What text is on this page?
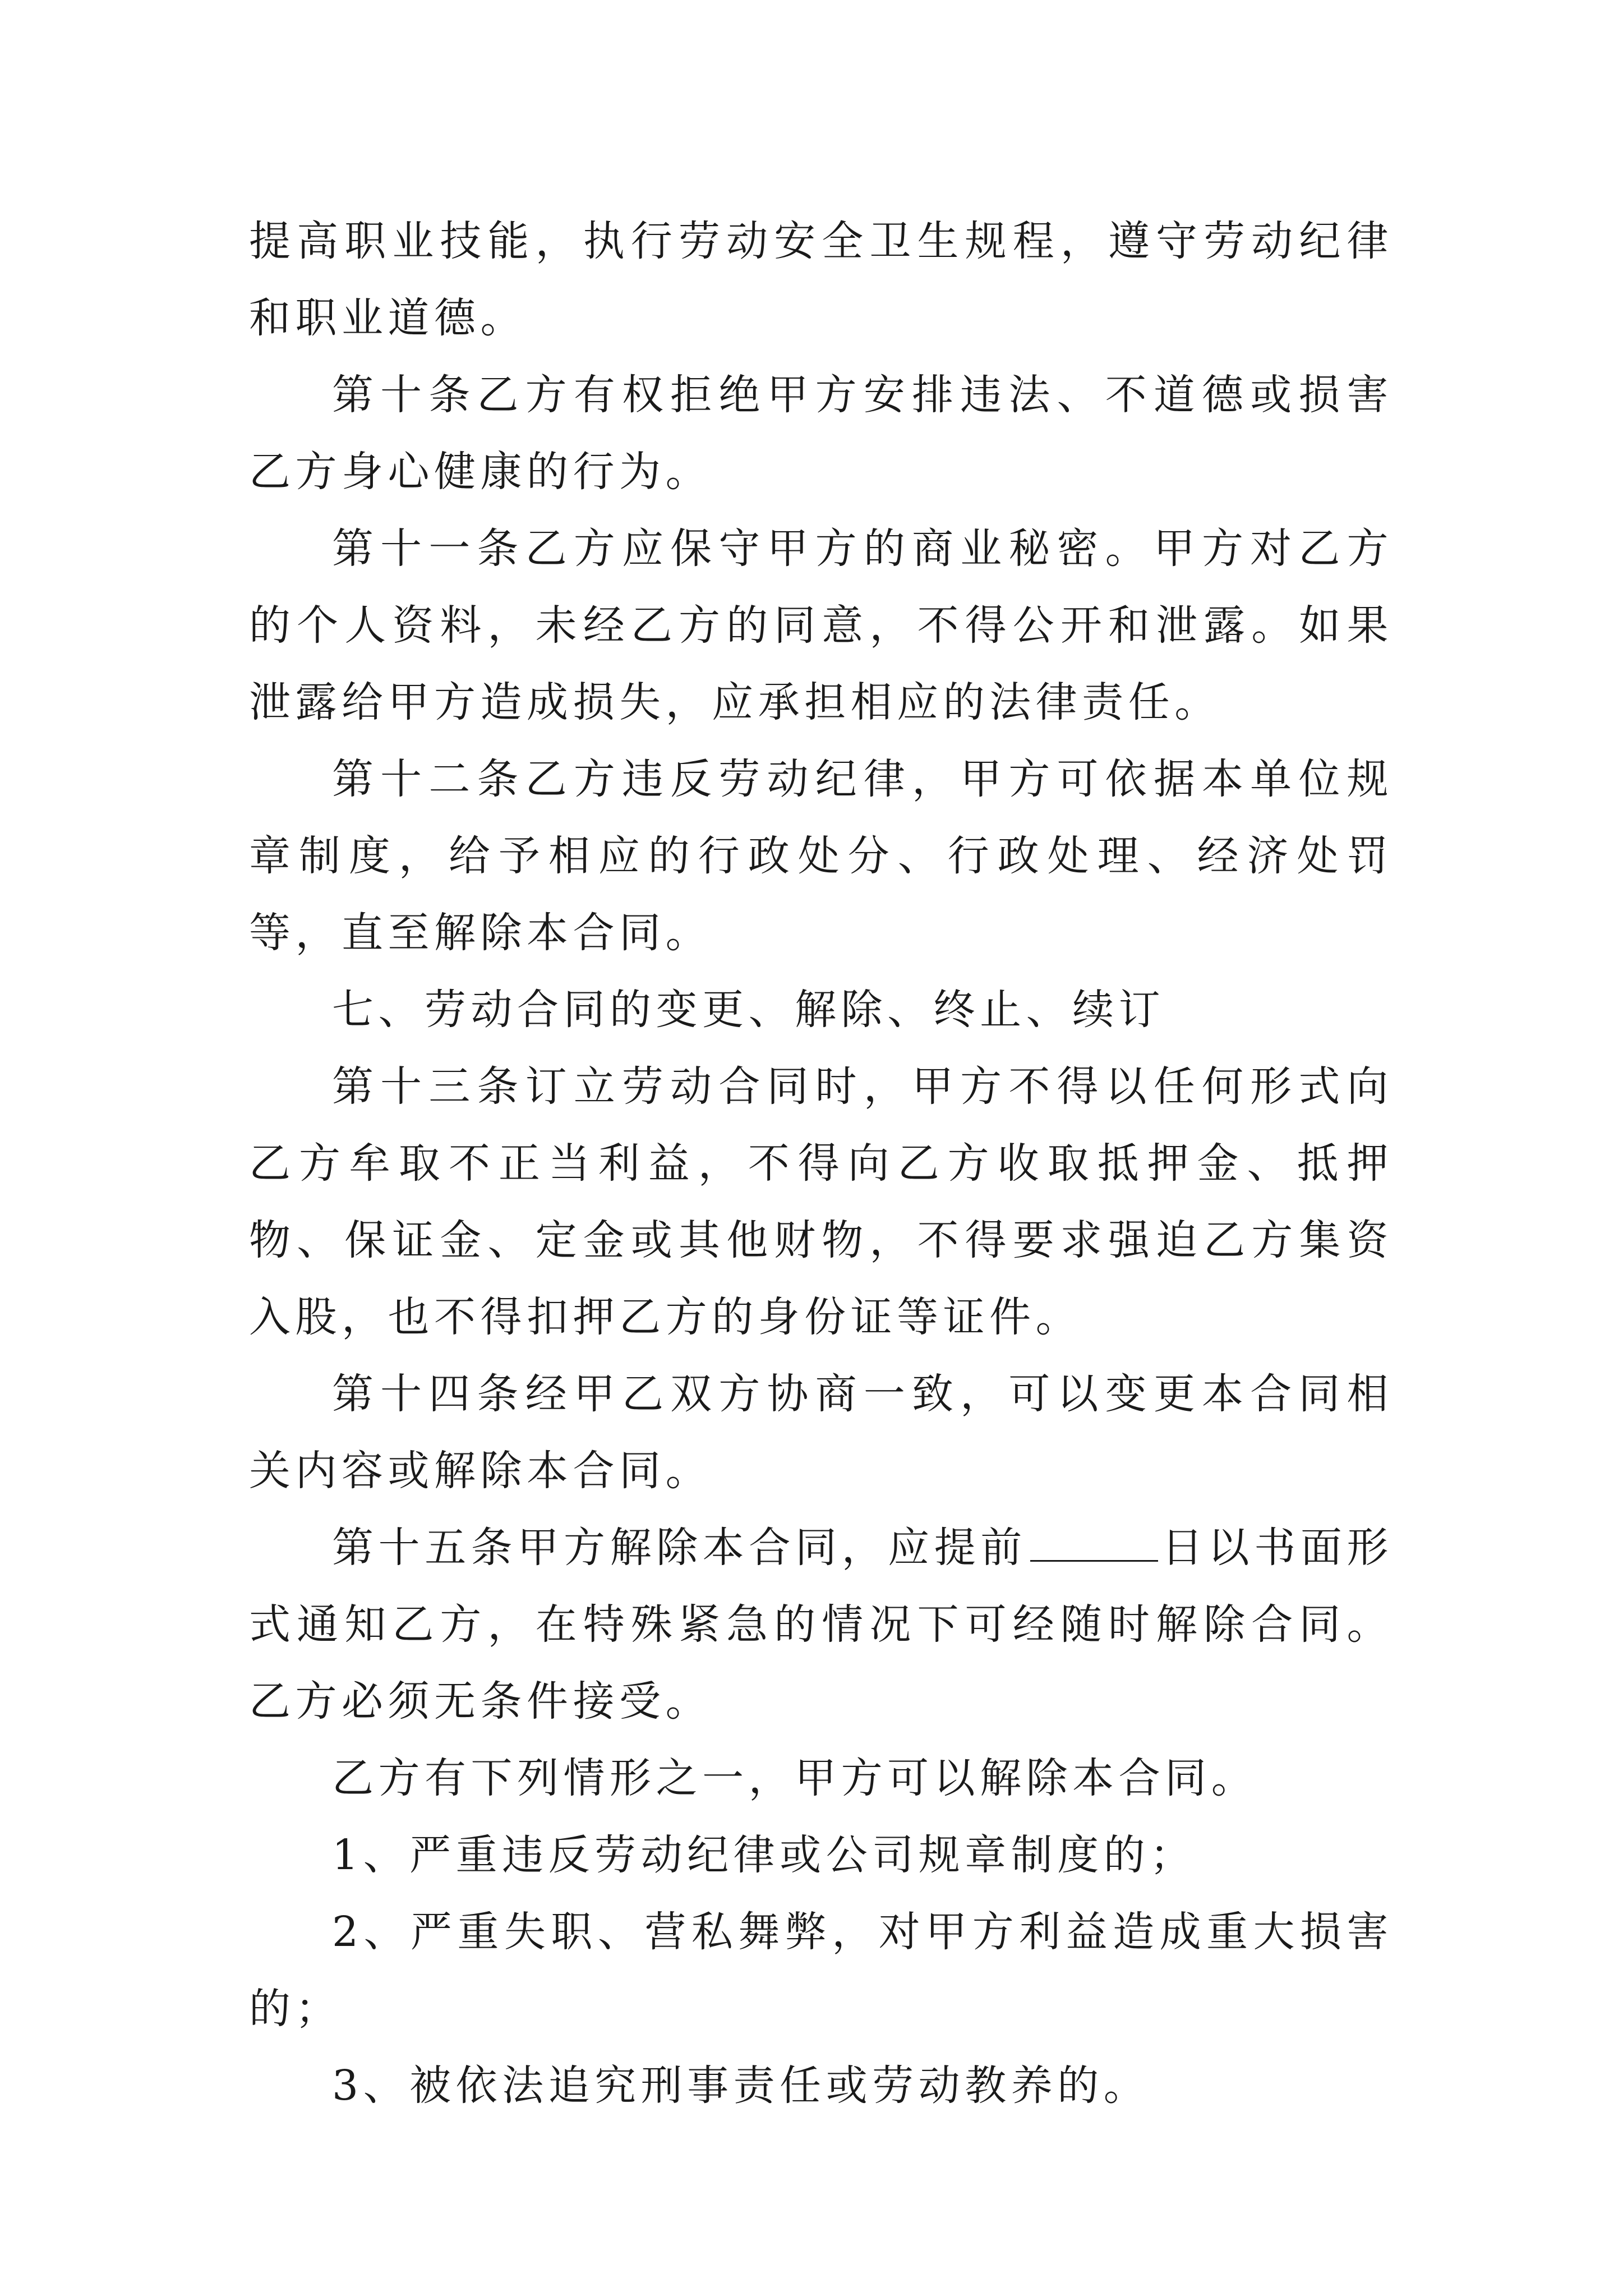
提高职业技能，执行劳动安全卫生规程，遵守劳动纪律和职业道德。

第十条乙方有权拒绝甲方安排违法、不道德或损害乙方身心健康的行为。

第十一条乙方应保守甲方的商业秘密。甲方对乙方的个人资料，未经乙方的同意，不得公开和泄露。如果泄露给甲方造成损失，应承担相应的法律责任。

第十二条乙方违反劳动纪律，甲方可依据本单位规章制度，给予相应的行政处分、行政处理、经济处罚等，直至解除本合同。

七、劳动合同的变更、解除、终止、续订

第十三条订立劳动合同时，甲方不得以任何形式向乙方牟取不正当利益，不得向乙方收取抵押金、抵押物、保证金、定金或其他财物，不得要求强迫乙方集资入股，也不得扣押乙方的身份证等证件。

第十四条经甲乙双方协商一致，可以变更本合同相关内容或解除本合同。

第十五条甲方解除本合同，应提前	日以书面形式通知乙方，在特殊紧急的情况下可经随时解除合同。乙方必须无条件接受。

乙方有下列情形之一，甲方可以解除本合同。

1、严重违反劳动纪律或公司规章制度的；

2、严重失职、营私舞弊，对甲方利益造成重大损害的；

3、被依法追究刑事责任或劳动教养的。
